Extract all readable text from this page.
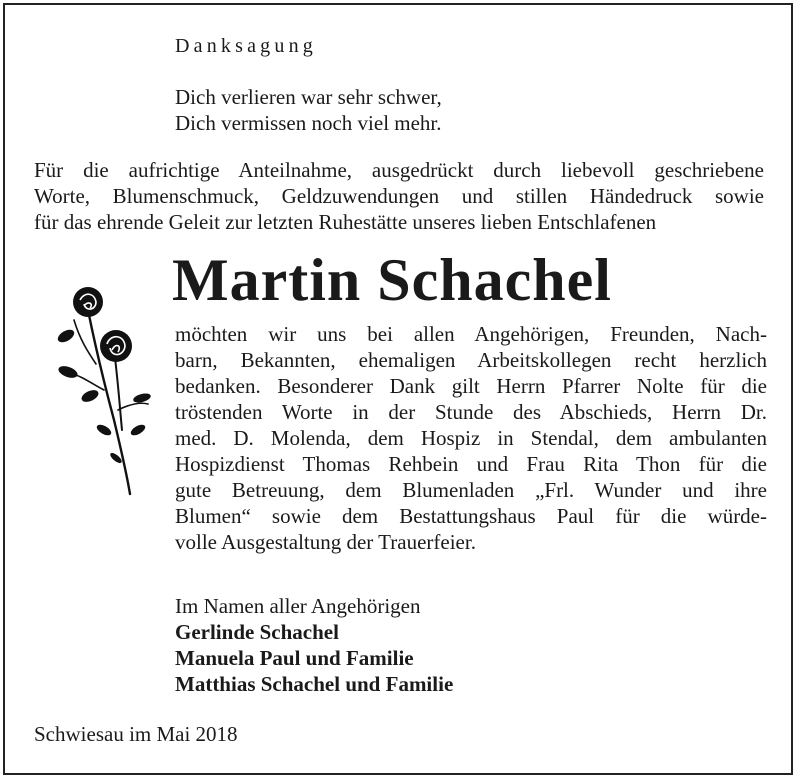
Danksagung
Dich verlieren war sehr schwer,
Dich vermissen noch viel mehr.
Für die aufrichtige Anteilnahme, ausgedrückt durch liebevoll geschriebene
Worte, Blumenschmuck, Geldzuwendungen und stillen Händedruck sowie
für das ehrende Geleit zur letzten Ruhestätte unseres lieben Entschlafenen
Martin Schachel
möchten wir uns bei allen Angehörigen, Freunden, Nach-
barn, Bekannten, ehemaligen Arbeitskollegen recht herzlich
bedanken. Besonderer Dank gilt Herrn Pfarrer Nolte für die
tröstenden Worte in der Stunde des Abschieds, Herrn Dr.
med. D. Molenda, dem Hospiz in Stendal, dem ambulanten
Hospizdienst Thomas Rehbein und Frau Rita Thon für die
gute Betreuung, dem Blumenladen „Frl. Wunder und ihre
Blumen“ sowie dem Bestattungshaus Paul für die würde-
volle Ausgestaltung der Trauerfeier.
Im Namen aller Angehörigen
Gerlinde Schachel
Manuela Paul und Familie
Matthias Schachel und Familie
Schwiesau im Mai 2018
